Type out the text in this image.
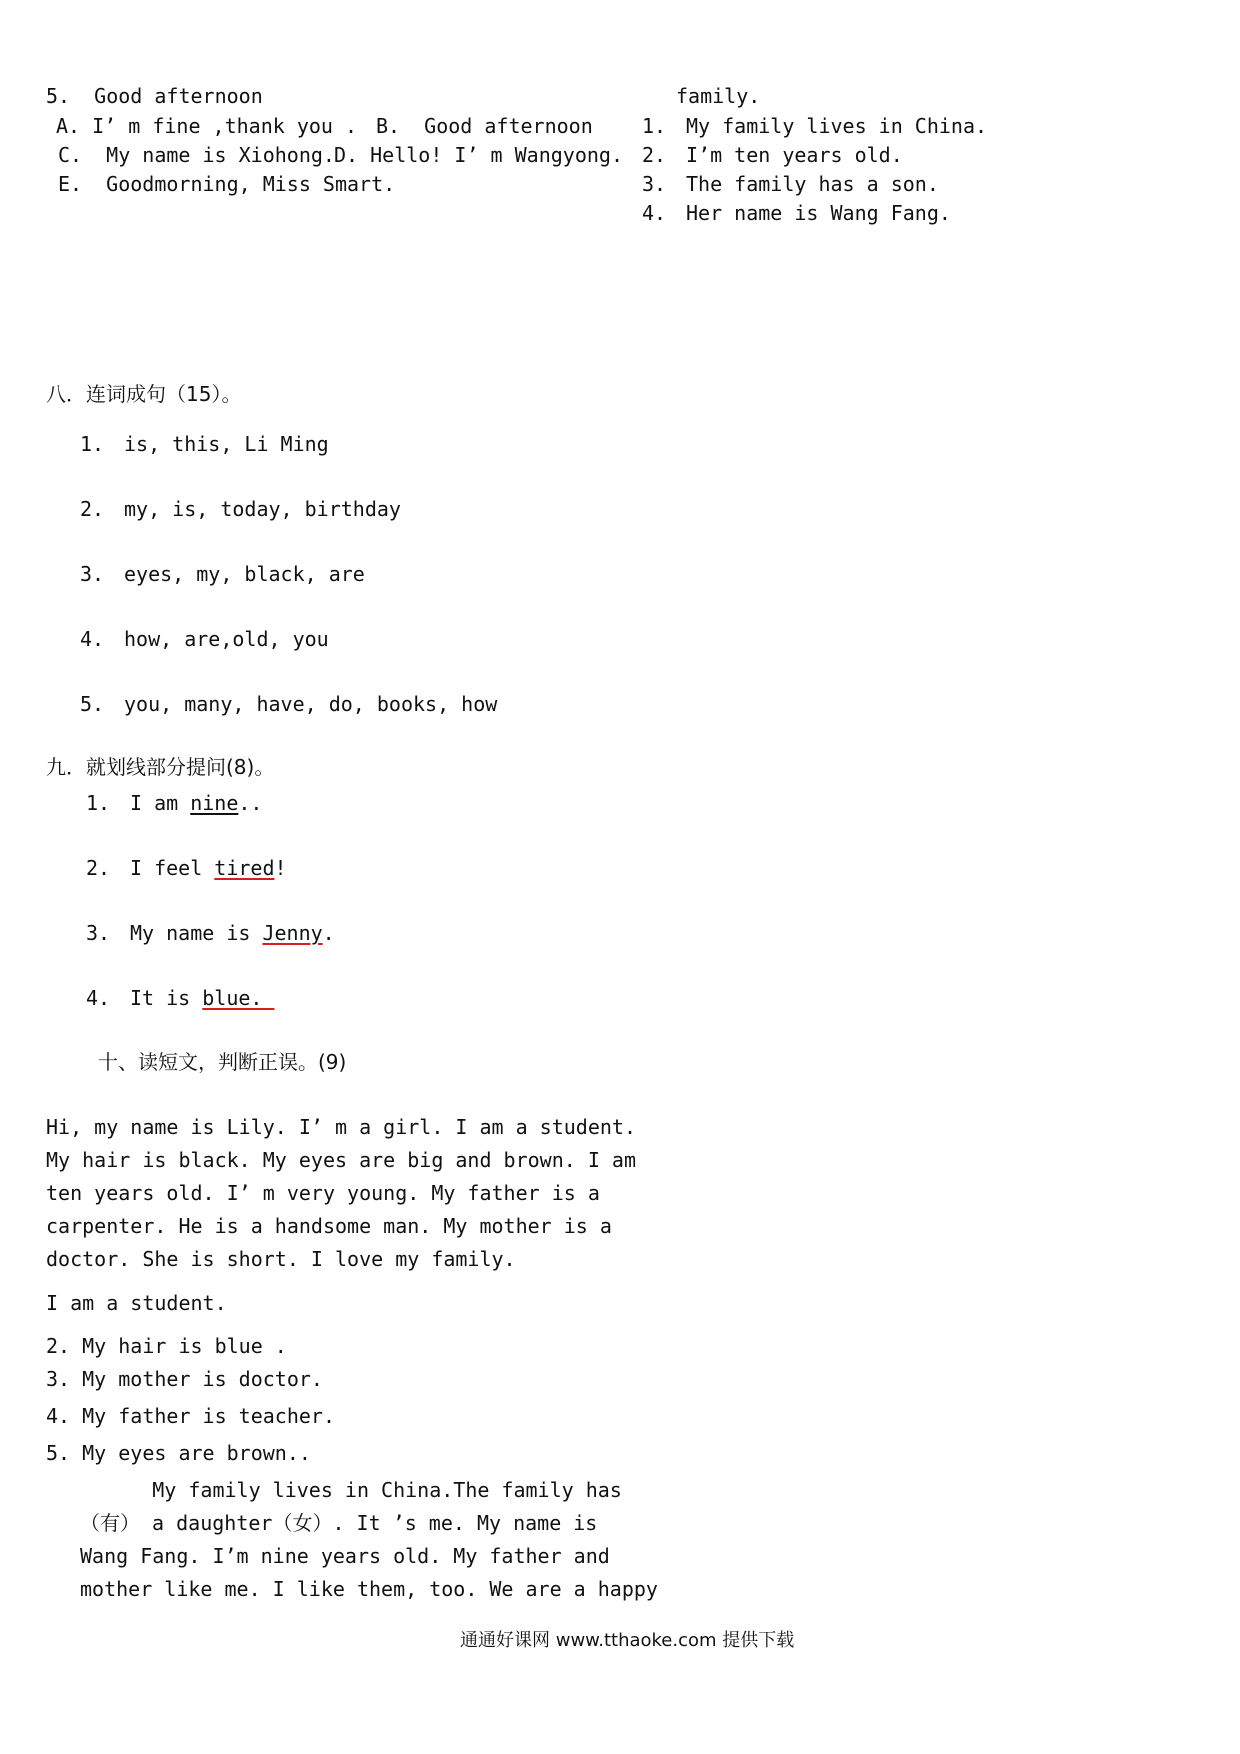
5.  Good afternoon
A. I’ m fine ,thank you . B.  Good afternoon
C.  My name is Xiohong. D. Hello! I’ m Wangyong.
E.  Goodmorning, Miss Smart.
family.
1. My family lives in China.
2. I’m ten years old.
3. The family has a son.
4. Her name is Wang Fang.
八．连词成句（15）。
1. is, this, Li Ming
2. my, is, today, birthday
3. eyes, my, black, are
4. how, are,old, you
5. you, many, have, do, books, how
九．就划线部分提问(8)。
1. I am nine..
2. I feel tired!
3. My name is Jenny.
4. It is blue.
十、读短文，判断正误。(9)
Hi, my name is Lily. I’ m a girl. I am a student.
My hair is black. My eyes are big and brown. I am
ten years old. I’ m very young. My father is a
carpenter. He is a handsome man. My mother is a
doctor. She is short. I love my family.
I am a student.
2. My hair is blue .
3. My mother is doctor.
4. My father is teacher.
5. My eyes are brown..
My family lives in China.The family has
（有） a daughter（女）. It ’s me. My name is
Wang Fang. I’m nine years old. My father and
mother like me. I like them, too. We are a happy
通通好课网 www.tthaoke.com 提供下载
